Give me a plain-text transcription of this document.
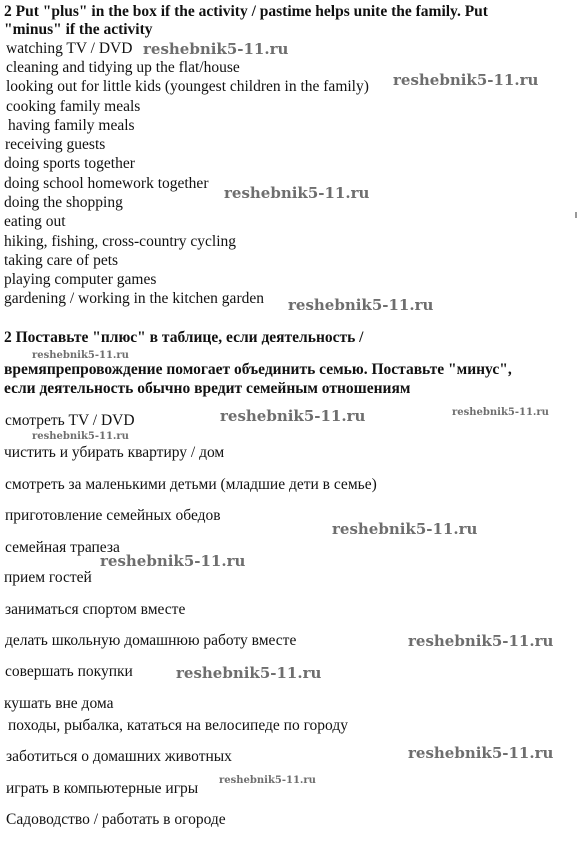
2 Put "plus" in the box if the activity / pastime helps unite the family. Put
"minus" if the activity
watching TV / DVD
cleaning and tidying up the flat/house
looking out for little kids (youngest children in the family)
cooking family meals
having family meals
receiving guests
doing sports together
doing school homework together
doing the shopping
eating out
hiking, fishing, cross-country cycling
taking care of pets
playing computer games
gardening / working in the kitchen garden
2 Поставьте "плюс" в таблице, если деятельность /
времяпрепровождение помогает объединить семью. Поставьте "минус",
если деятельность обычно вредит семейным отношениям
смотреть TV / DVD
чистить и убирать квартиру / дом
смотреть за маленькими детьми (младшие дети в семье)
приготовление семейных обедов
семейная трапеза
прием гостей
заниматься спортом вместе
делать школьную домашнюю работу вместе
совершать покупки
кушать вне дома
походы, рыбалка, кататься на велосипеде по городу
заботиться о домашних животных
играть в компьютерные игры
Садоводство / работать в огороде
reshebnik5-11.ru
reshebnik5-11.ru
reshebnik5-11.ru
reshebnik5-11.ru
reshebnik5-11.ru
reshebnik5-11.ru	reshebnik5-11.ru
reshebnik5-11.ru
reshebnik5-11.ru
reshebnik5-11.ru
reshebnik5-11.ru
reshebnik5-11.ru
reshebnik5-11.ru
reshebnik5-11.ru
